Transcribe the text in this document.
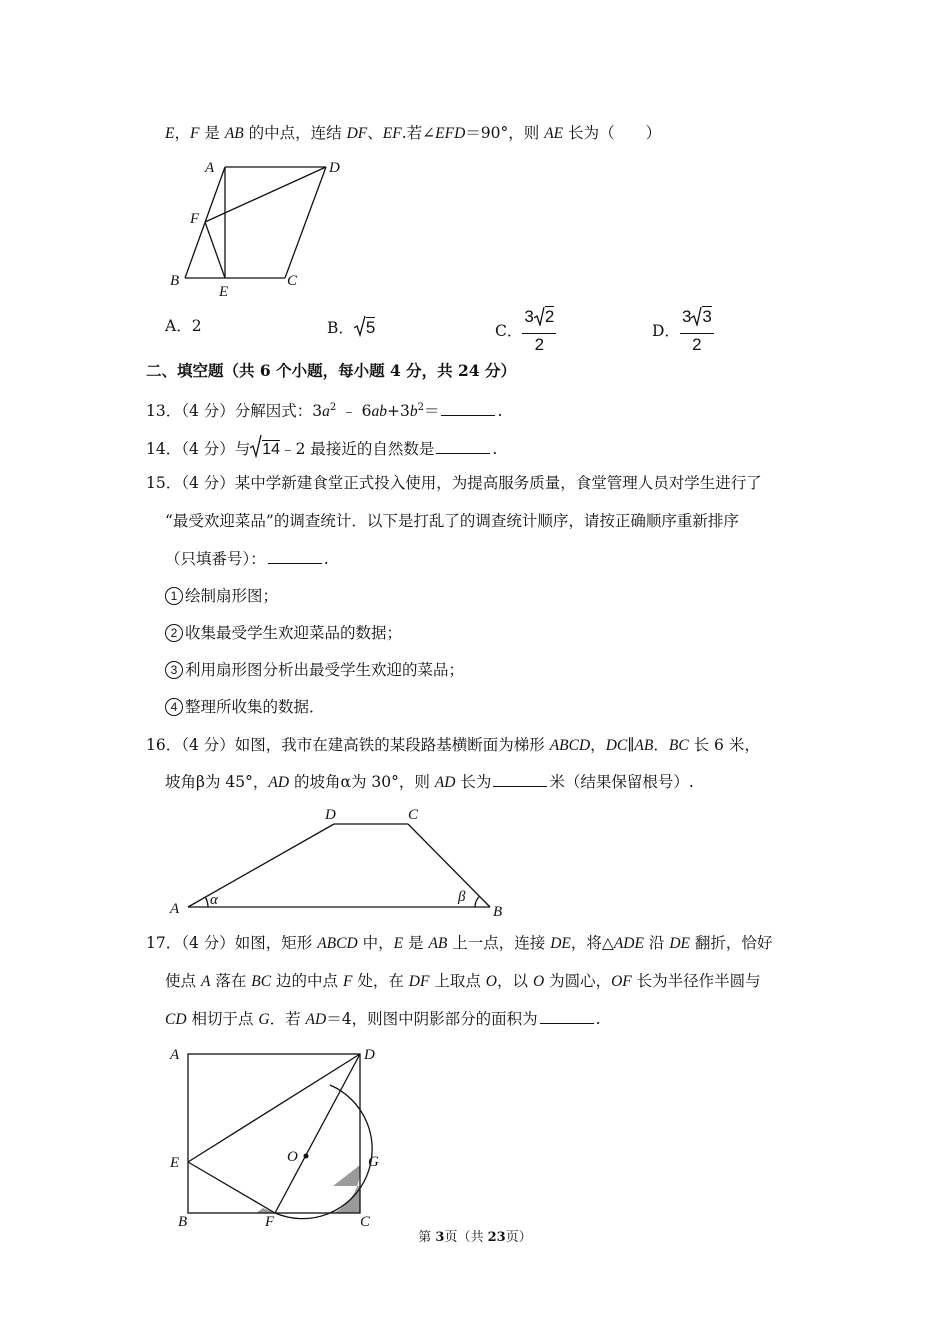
E，F 是 AB 的中点，连结 DF、EF.若∠EFD＝90°，则 AE 长为（　　）
A	D
F
B
E
C
A．2	B． 5	C． $\frac{3 2}{2}$	D． $\frac{3 3}{2}$
二、填空题（共 6 个小题，每小题 4 分，共 24 分）
13．（4 分）分解因式：$3a^2$ ﹣ $6ab+3b^2=$	.
14．（4 分）与 14﹣2 最接近的自然数是	.
15．（4 分）某中学新建食堂正式投入使用，为提高服务质量，食堂管理人员对学生进行了
“最受欢迎菜品”的调查统计．以下是打乱了的调查统计顺序，请按正确顺序重新排序
（只填番号）：	.
1 绘制扇形图；
2 收集最受学生欢迎菜品的数据；
3 利用扇形图分析出最受学生欢迎的菜品；
4 整理所收集的数据．
16．（4 分）如图，我市在建高铁的某段路基横断面为梯形 ABCD，DC∥AB．BC 长 6 米，
坡角β为 45°，AD 的坡角α为 30°，则 AD 长为	米（结果保留根号）.
D	C
A	B
α	β
17．（4 分）如图，矩形 ABCD 中，E 是 AB 上一点，连接 DE，将△ADE 沿 DE 翻折，恰好
使点 A 落在 BC 边的中点 F 处，在 DF 上取点 O，以 O 为圆心，OF 长为半径作半圆与
CD 相切于点 G．若 AD＝4，则图中阴影部分的面积为	.
A	D
E	O	G
B	F	C
第 3页（共 23页）
